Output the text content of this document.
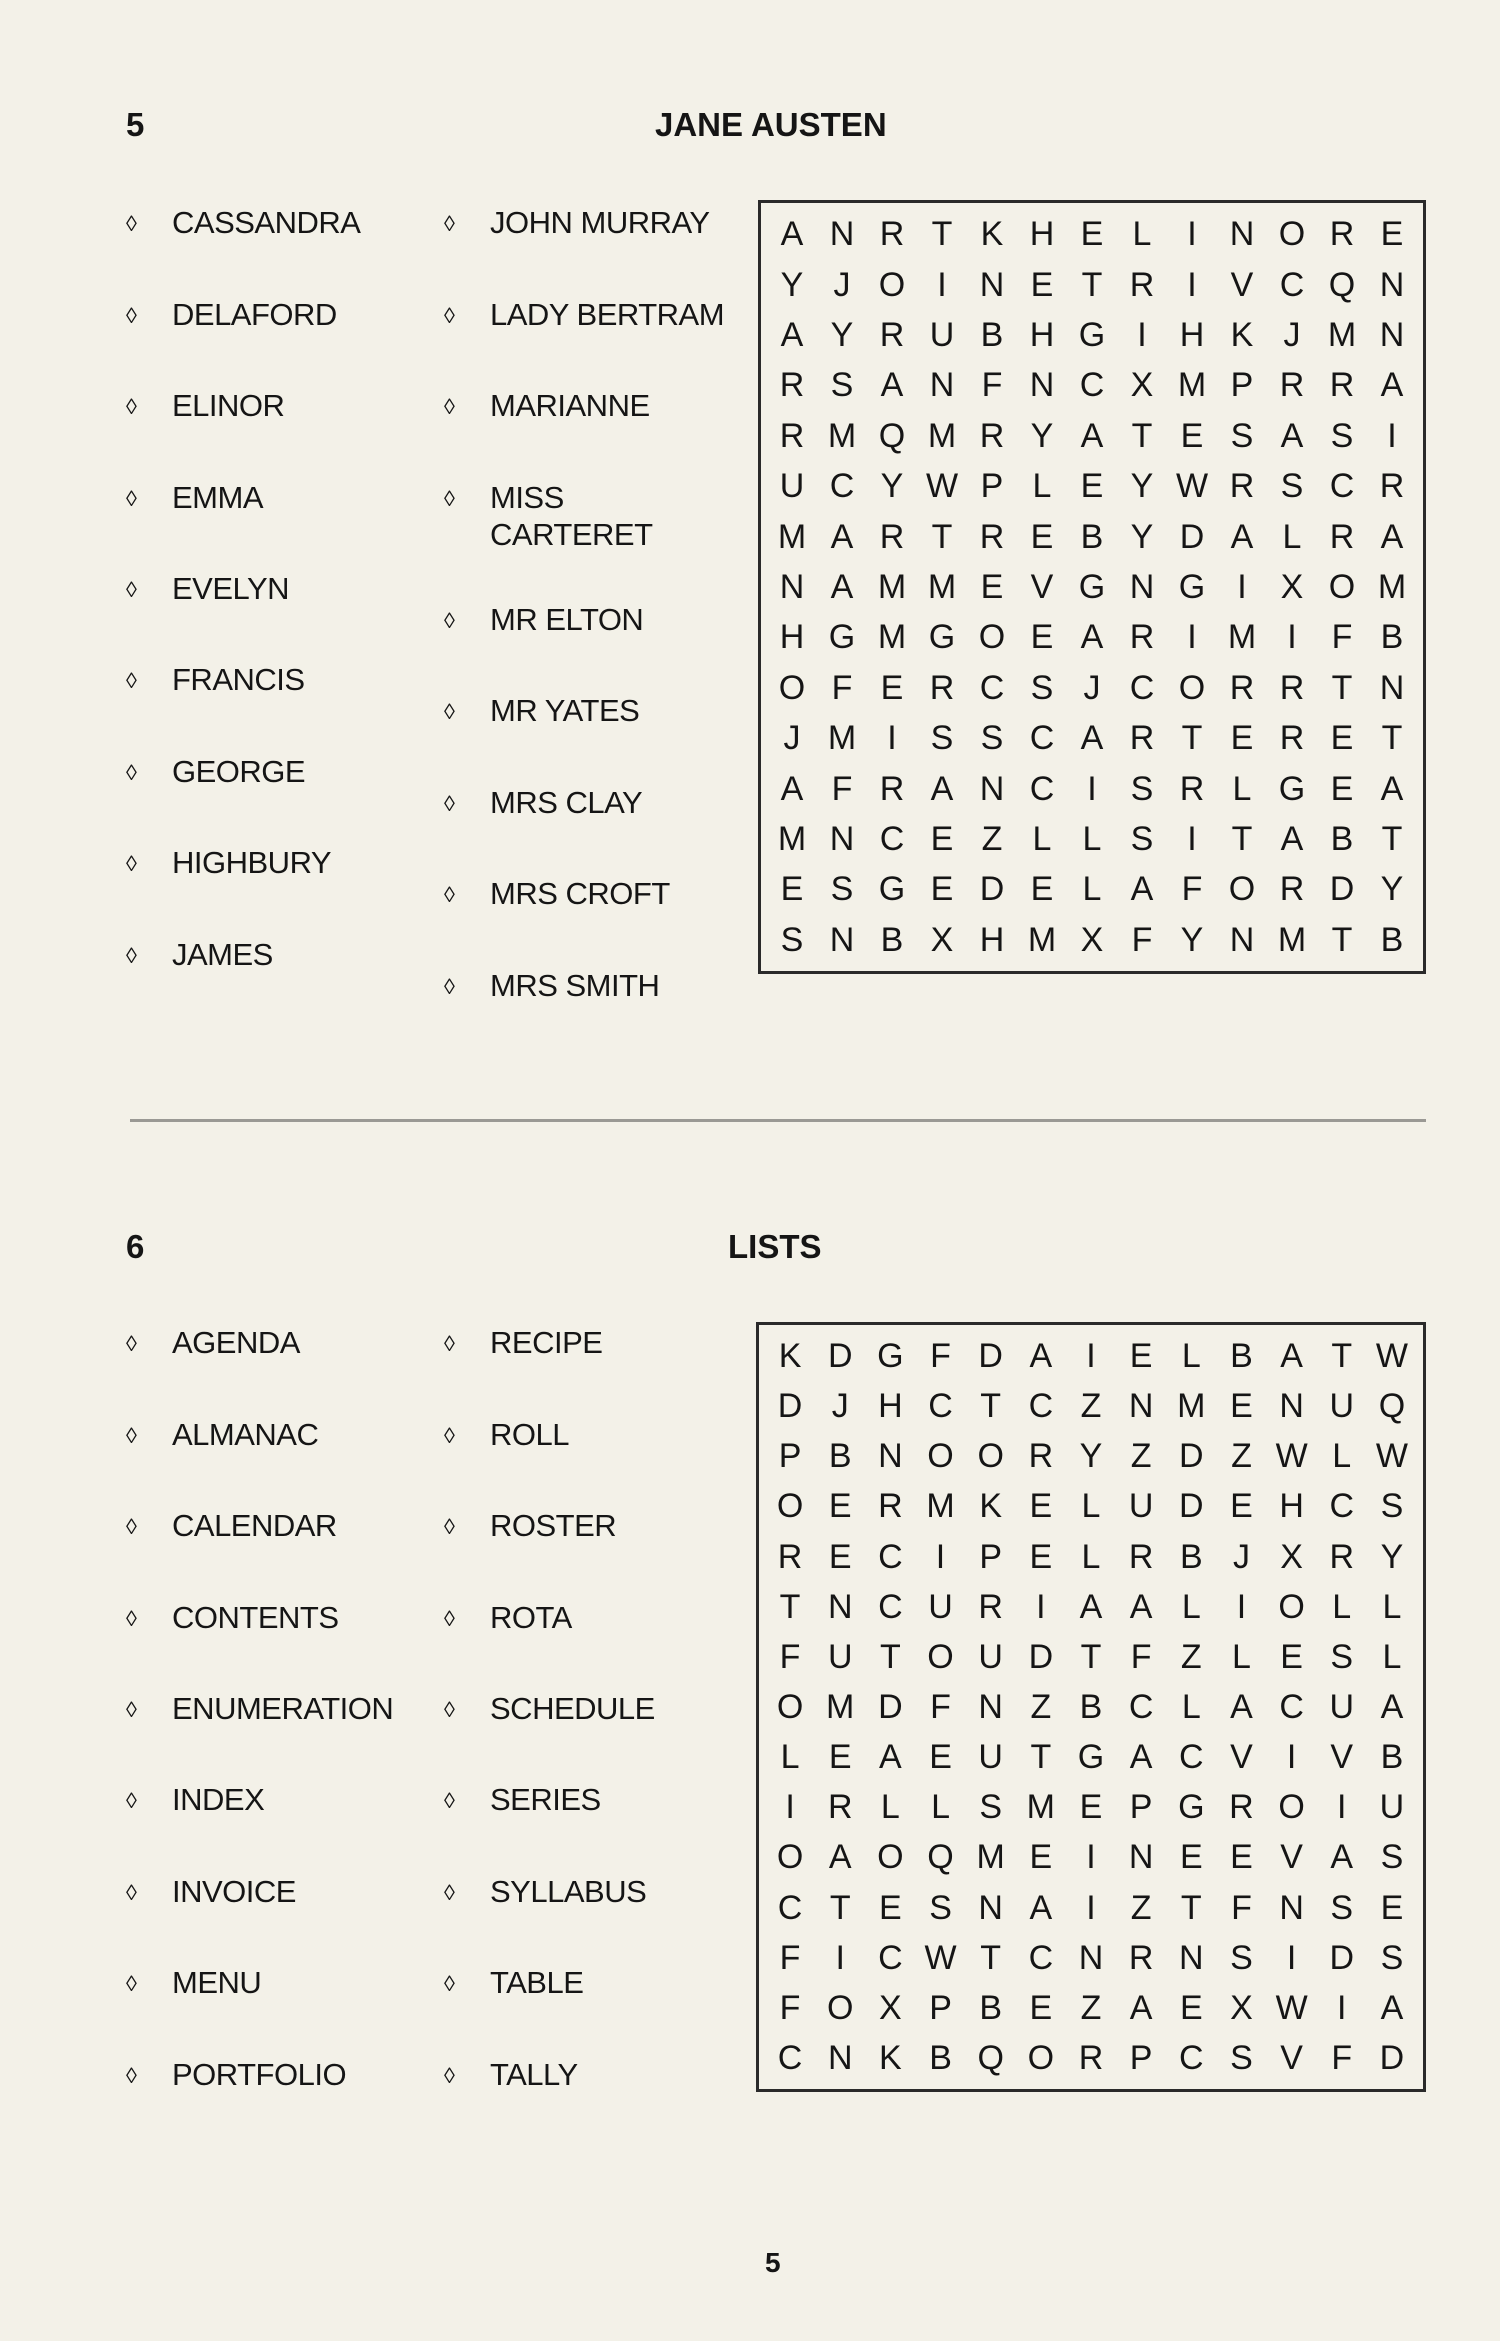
5	JANE AUSTEN
◊ CASSANDRA
◊ DELAFORD
◊ ELINOR
◊ EMMA
◊ EVELYN
◊ FRANCIS
◊ GEORGE
◊ HIGHBURY
◊ JAMES
◊ JOHN MURRAY
◊ LADY BERTRAM
◊ MARIANNE
◊ MISS
CARTERET
◊ MR ELTON
◊ MR YATES
◊ MRS CLAY
◊ MRS CROFT
◊ MRS SMITH
A N R T K H E L	I N O R E
Y J O I N E T R I V C Q N
A Y R U B H G I H K J M N
R S A N F N C X M P R R A
R M Q M R Y A T E S A S I
U C Y W P L E Y W R S C R
M A R T R E B Y D A L R A
N A M M E V G N G I X O M
H G M G O E A R I M I	F B
O F E R C S J C O R R T N
J M I S S C A R T E R E T
A F R A N C I S R L G E A
M N C E Z L L S I	T A B T
E S G E D E L A F O R D Y
S N B X H M X F Y N M T B
6	LISTS
◊ AGENDA
◊ ALMANAC
◊ CALENDAR
◊ CONTENTS
◊ ENUMERATION
◊ INDEX
◊ INVOICE
◊ MENU
◊ PORTFOLIO
◊ RECIPE
◊ ROLL
◊ ROSTER
◊ ROTA
◊ SCHEDULE
◊ SERIES
◊ SYLLABUS
◊ TABLE
◊ TALLY
K D G F D A	I	E L B A T W
D J H C T C Z N M E N U Q
P B N O O R Y Z D Z W L W
O E R M K E L U D E H C S
R E C I	P E L R B J X R Y
T N C U R I	A A L	I O L L
F U T O U D T F Z L E S L
O M D F N Z B C L A C U A
L E A E U T G A C V	I	V B
I R L L S M E P G R O I U
O A O Q M E	I N E E V A S
C T E S N A	I	Z T F N S E
F	I C W T C N R N S	I D S
F O X P B E Z A E X W I	A
C N K B Q O R P C S V F D
5
